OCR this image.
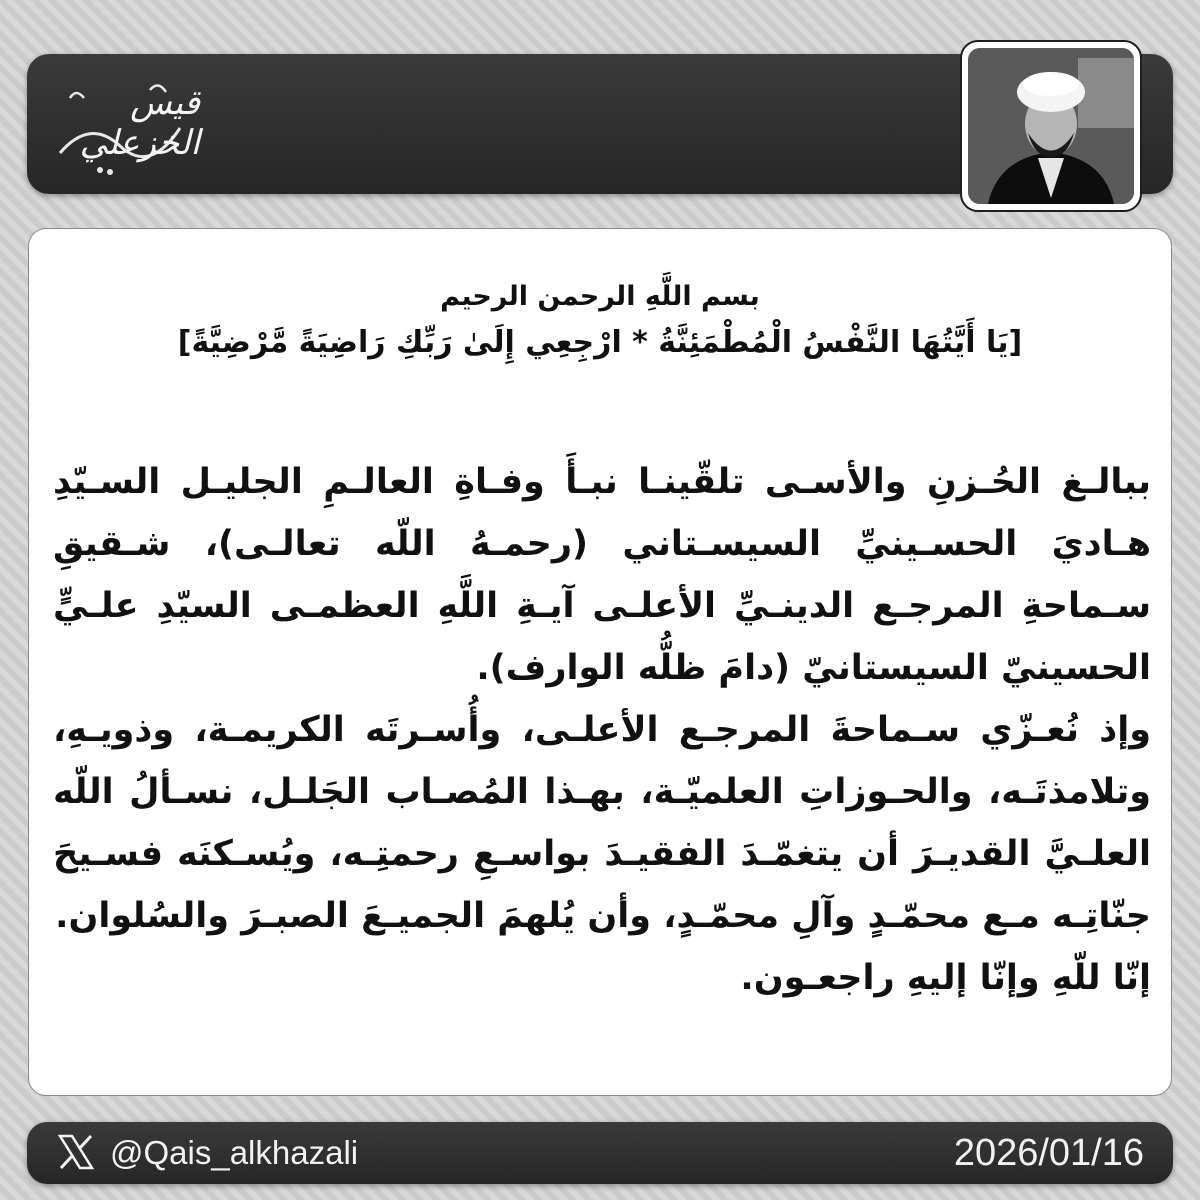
قيس الخزعلي
بسم اللَّهِ الرحمن الرحيم
[يَا أَيَّتُهَا النَّفْسُ الْمُطْمَئِنَّةُ * ارْجِعِي إِلَىٰ رَبِّكِ رَاضِيَةً مَّرْضِيَّةً]

ببالـغ الحُـزنِ والأسـى تلقّينـا نبـأَ وفـاةِ العالـمِ الجليـل السـيّدِ هـاديَ الحسـينيِّ السيسـتاني (رحمـهُ اللّه تعالـى)، شـقيقِ سـماحةِ المرجـع الدينـيِّ الأعلـى آيـةِ اللَّهِ العظمـى السيّدِ علـيٍّ الحسينيّ السيستانيّ (دامَ ظلُّه الوارف).

وإذ نُعـزّي سـماحةَ المرجـع الأعلـى، وأُسـرتَه الكريمـة، وذويـهِ، وتلامذتَـه، والحـوزاتِ العلميّـة، بهـذا المُصـاب الجَلـل، نسـألُ اللّه العلـيَّ القديـرَ أن يتغمّـدَ الفقيـدَ بواسـعِ رحمتِـه، ويُسـكنَه فسـيحَ جنّاتِـه مـع محمّـدٍ وآلِ محمّـدٍ، وأن يُلهمَ الجميـعَ الصبـرَ والسُلوان.

إنّا للّهِ وإنّا إليهِ راجعـون.

@Qais_alkhazali	2026/01/16
